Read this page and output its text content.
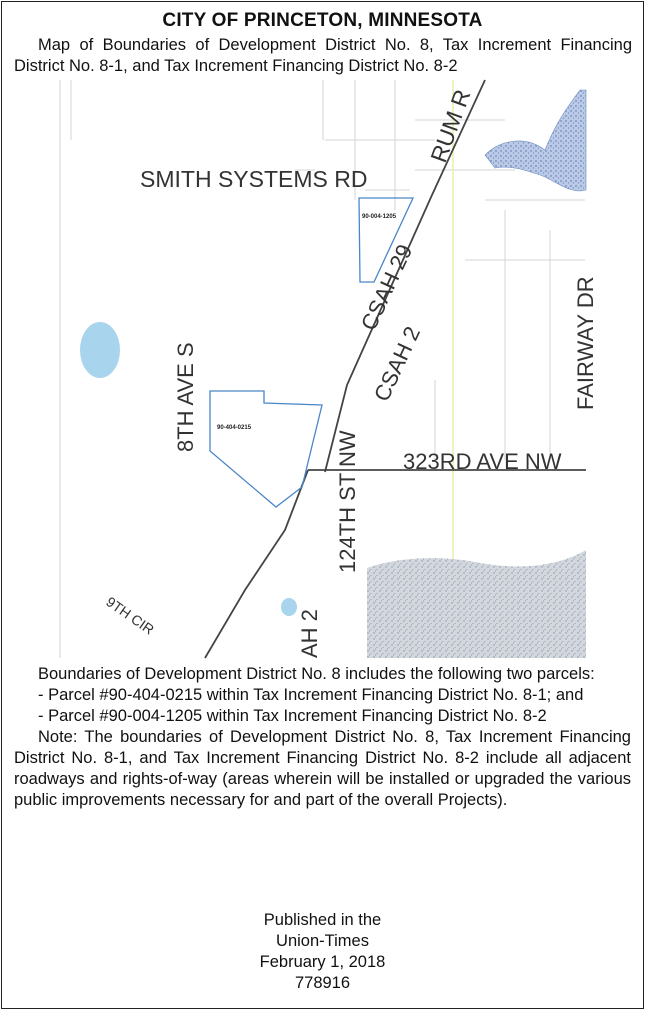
CITY OF PRINCETON, MINNESOTA
Map of Boundaries of Development District No. 8, Tax Increment Financing District No. 8-1, and Tax Increment Financing District No. 8-2
90-004-1205
90-404-0215
SMITH SYSTEMS RD
RUM R
CSAH 29
CSAH 2	FAIRWAY DR
8TH AVE S
323RD AVE NW
124TH ST NW
9TH CIR	AH 2

Boundaries of Development District No. 8 includes the following two parcels:

- Parcel #90-404-0215 within Tax Increment Financing District No. 8-1; and

- Parcel #90-004-1205 within Tax Increment Financing District No. 8-2

Note: The boundaries of Development District No. 8, Tax Increment Financing District No. 8-1, and Tax Increment Financing District No. 8-2 include all adjacent roadways and rights-of-way (areas wherein will be installed or upgraded the various public improvements necessary for and part of the overall Projects).

Published in the
Union-Times
February 1, 2018
778916
